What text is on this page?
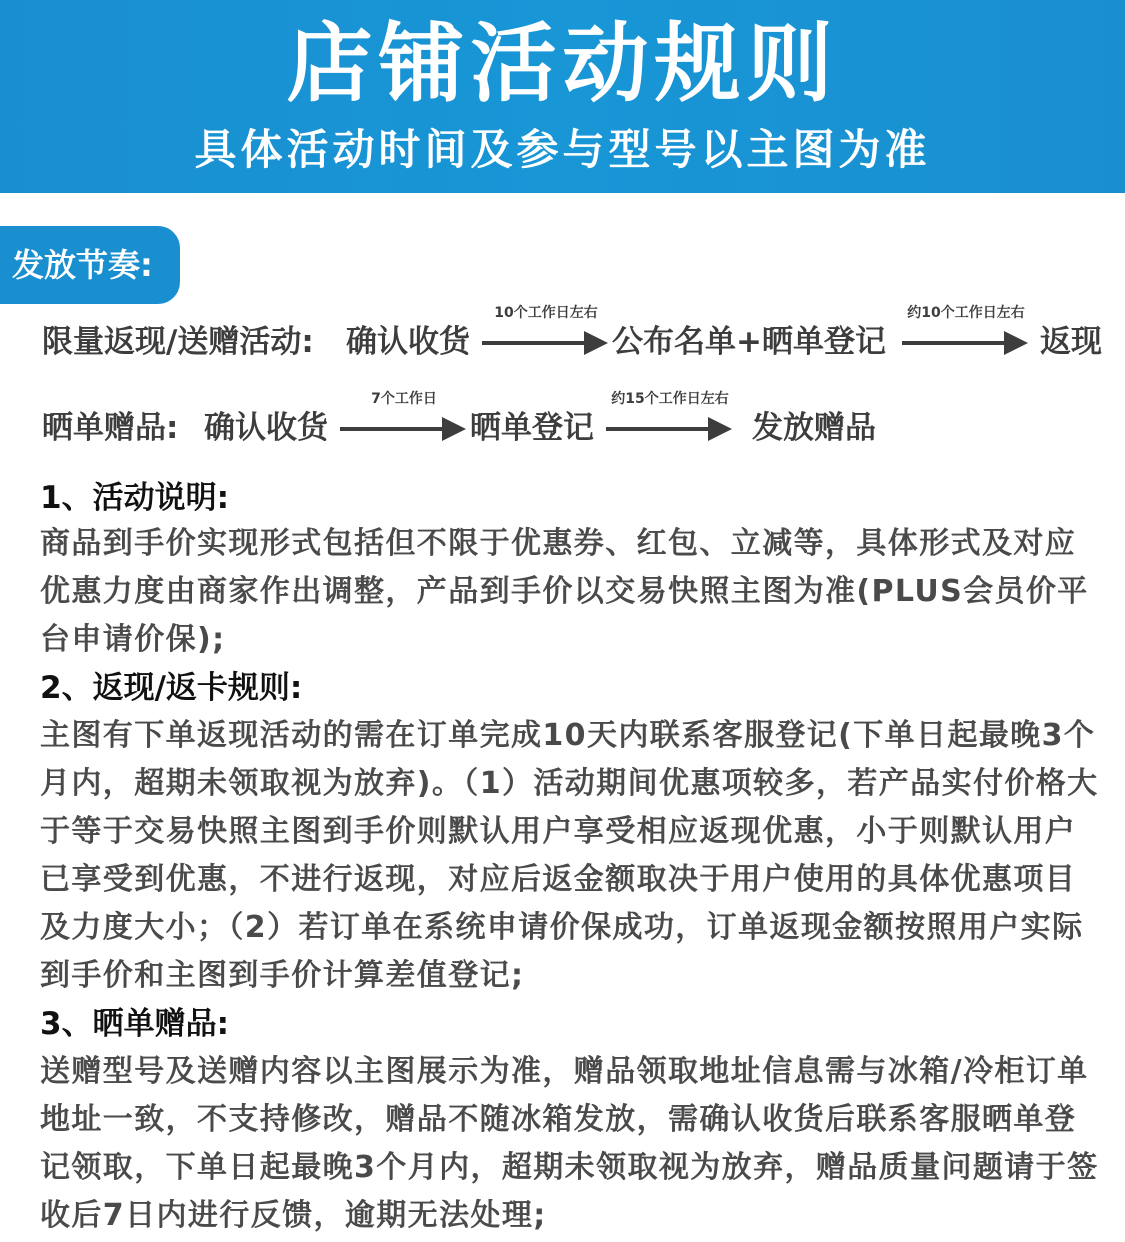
店铺活动规则
具体活动时间及参与型号以主图为准
发放节奏:
限量返现/送赠活动: 确认收货
10个工作日左右
公布名单+晒单登记
约10个工作日左右
返现
晒单赠品: 确认收货
7个工作日
晒单登记
约15个工作日左右
发放赠品
1、活动说明:
商品到手价实现形式包括但不限于优惠券、红包、立减等，具体形式及对应优惠力度由商家作出调整，产品到手价以交易快照主图为准(PLUS会员价平台申请价保);
2、返现/返卡规则:
主图有下单返现活动的需在订单完成10天内联系客服登记(下单日起最晚3个月内，超期未领取视为放弃)。（1）活动期间优惠项较多，若产品实付价格大于等于交易快照主图到手价则默认用户享受相应返现优惠，小于则默认用户已享受到优惠，不进行返现，对应后返金额取决于用户使用的具体优惠项目及力度大小；（2）若订单在系统申请价保成功，订单返现金额按照用户实际到手价和主图到手价计算差值登记;
3、晒单赠品:
送赠型号及送赠内容以主图展示为准，赠品领取地址信息需与冰箱/冷柜订单地址一致，不支持修改，赠品不随冰箱发放，需确认收货后联系客服晒单登记领取，下单日起最晚3个月内，超期未领取视为放弃，赠品质量问题请于签收后7日内进行反馈，逾期无法处理;
